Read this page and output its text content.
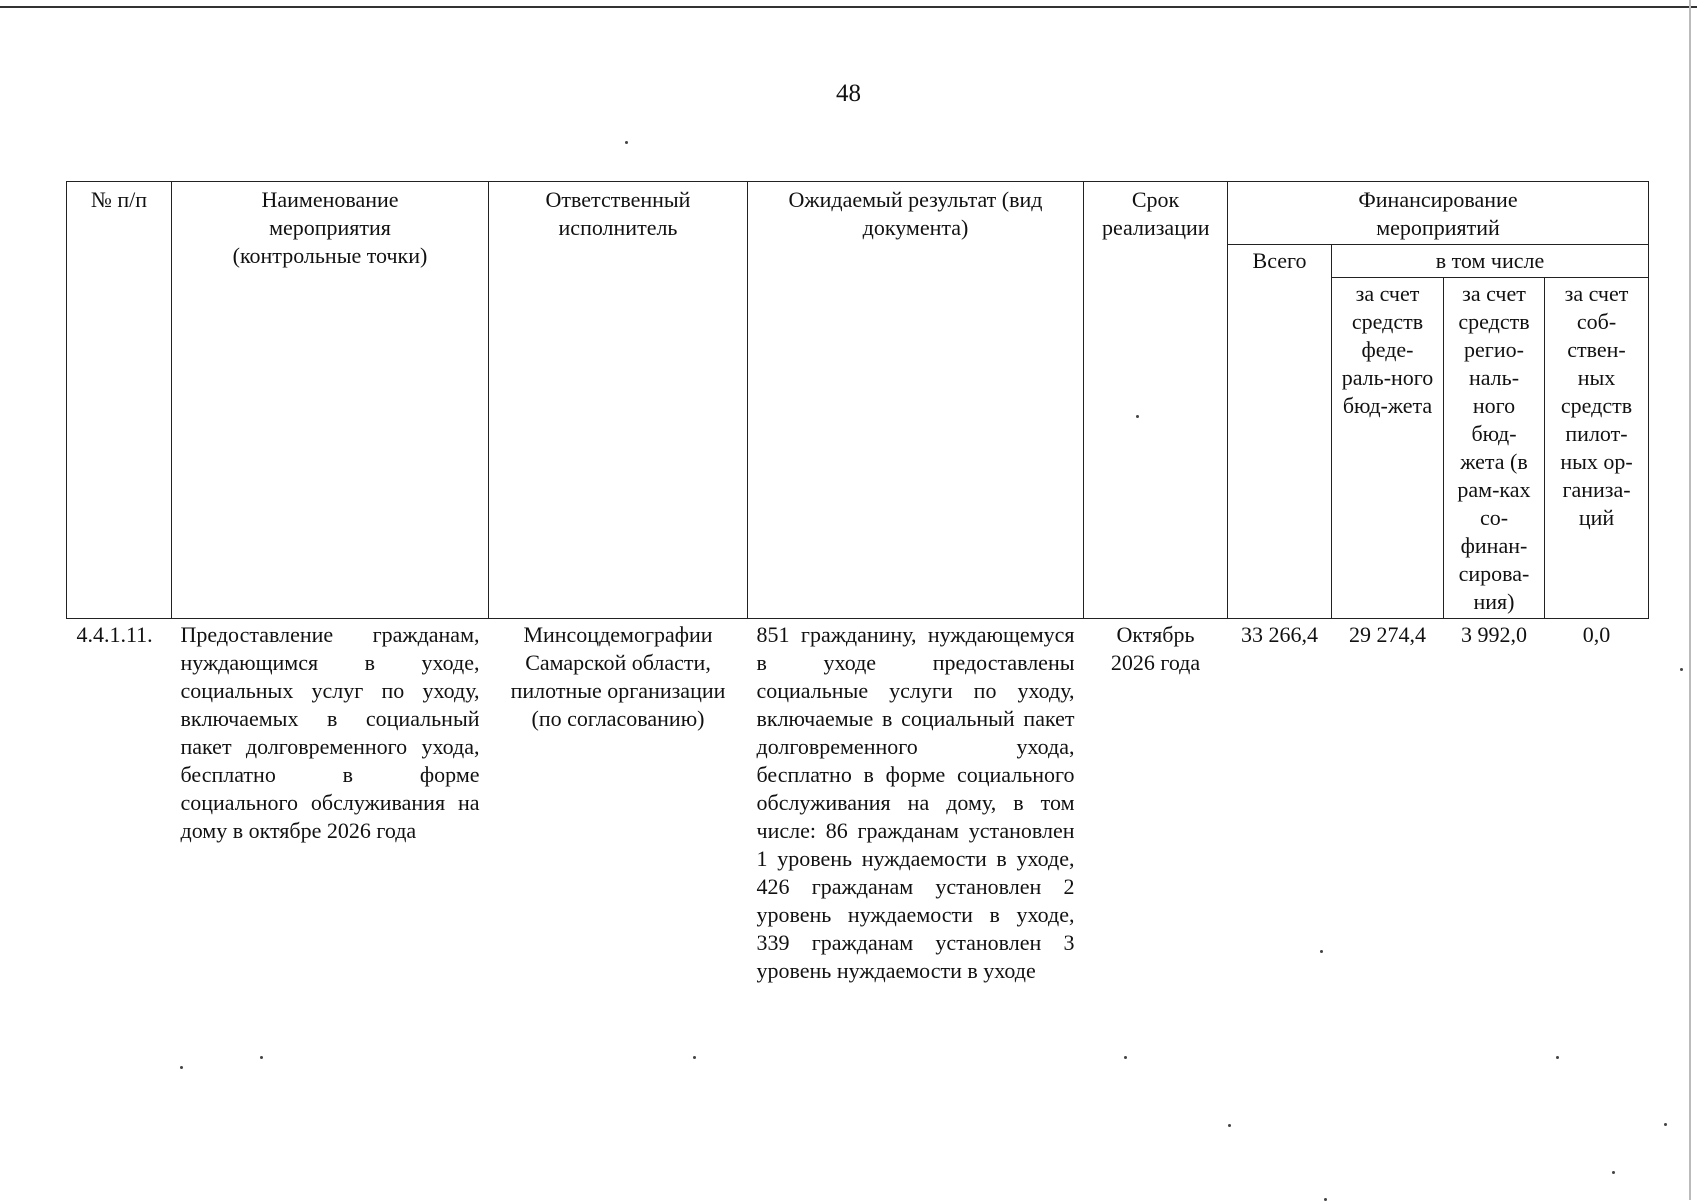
48
№ п/п	Наименование мероприятия (контрольные точки)	Ответственный исполнитель	Ожидаемый результат (вид документа)	Срок реализации	Финансирование мероприятий			
					Всего	в том числе		
						за счет средств феде-раль-ного бюд-жета	за счет средств регио-наль-ного бюд-жета (в рам-ках со-финан-сирова-ния)	за счет соб-ствен-ных средств пилот-ных ор-ганиза-ций
4.4.1.11.	Предоставление гражданам, нуждающимся в уходе, социальных услуг по уходу, включаемых в социальный пакет долговременного ухода, бесплатно в форме социального обслуживания на дому в октябре 2026 года	Минсоцдемографии Самарской области, пилотные организации (по согласованию)	851 гражданину, нуждающемуся в уходе предоставлены социальные услуги по уходу, включаемые в социальный пакет долговременного ухода, бесплатно в форме социального обслуживания на дому, в том числе: 86 гражданам установлен 1 уровень нуждаемости в уходе, 426 гражданам установлен 2 уровень нуждаемости в уходе, 339 гражданам установлен 3 уровень нуждаемости в уходе	Октябрь 2026 года	33 266,4	29 274,4	3 992,0	0,0
